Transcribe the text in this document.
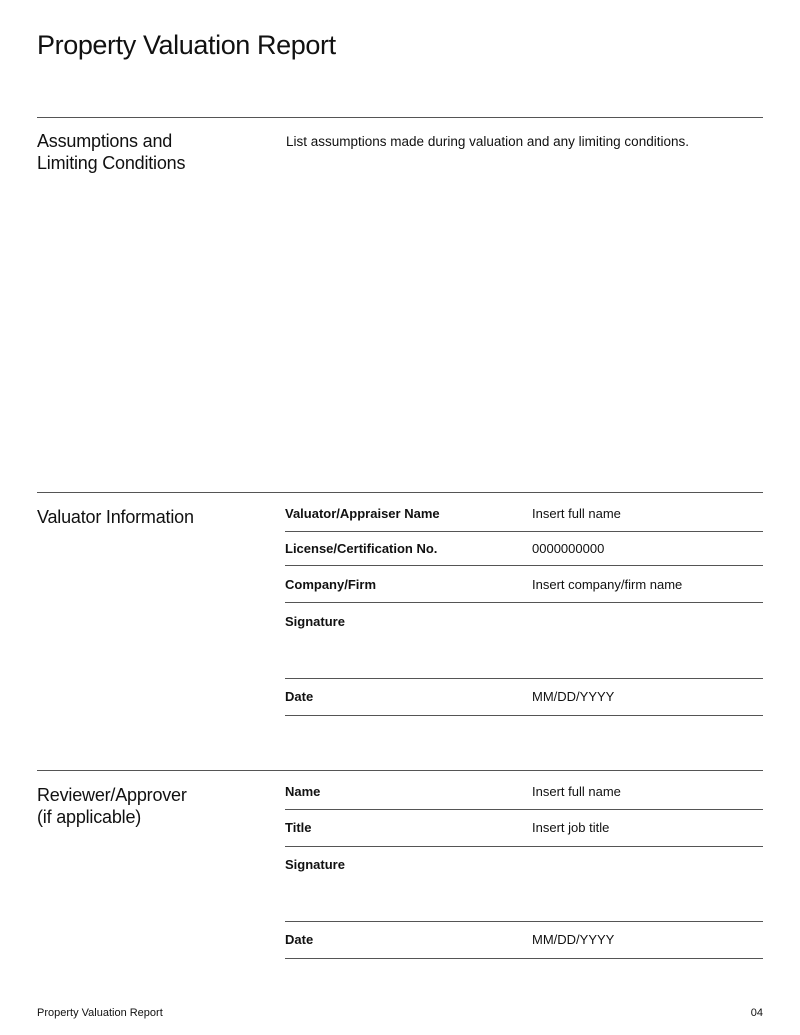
Property Valuation Report
Assumptions and
Limiting Conditions
List assumptions made during valuation and any limiting conditions.
Valuator Information	Valuator/Appraiser Name	Insert full name
License/Certification No.	0000000000
Company/Firm	Insert company/firm name
Signature
Date	MM/DD/YYYY
Reviewer/Approver
(if applicable)
Name	Insert full name
Title	Insert job title
Signature
Date	MM/DD/YYYY
Property Valuation Report	04
